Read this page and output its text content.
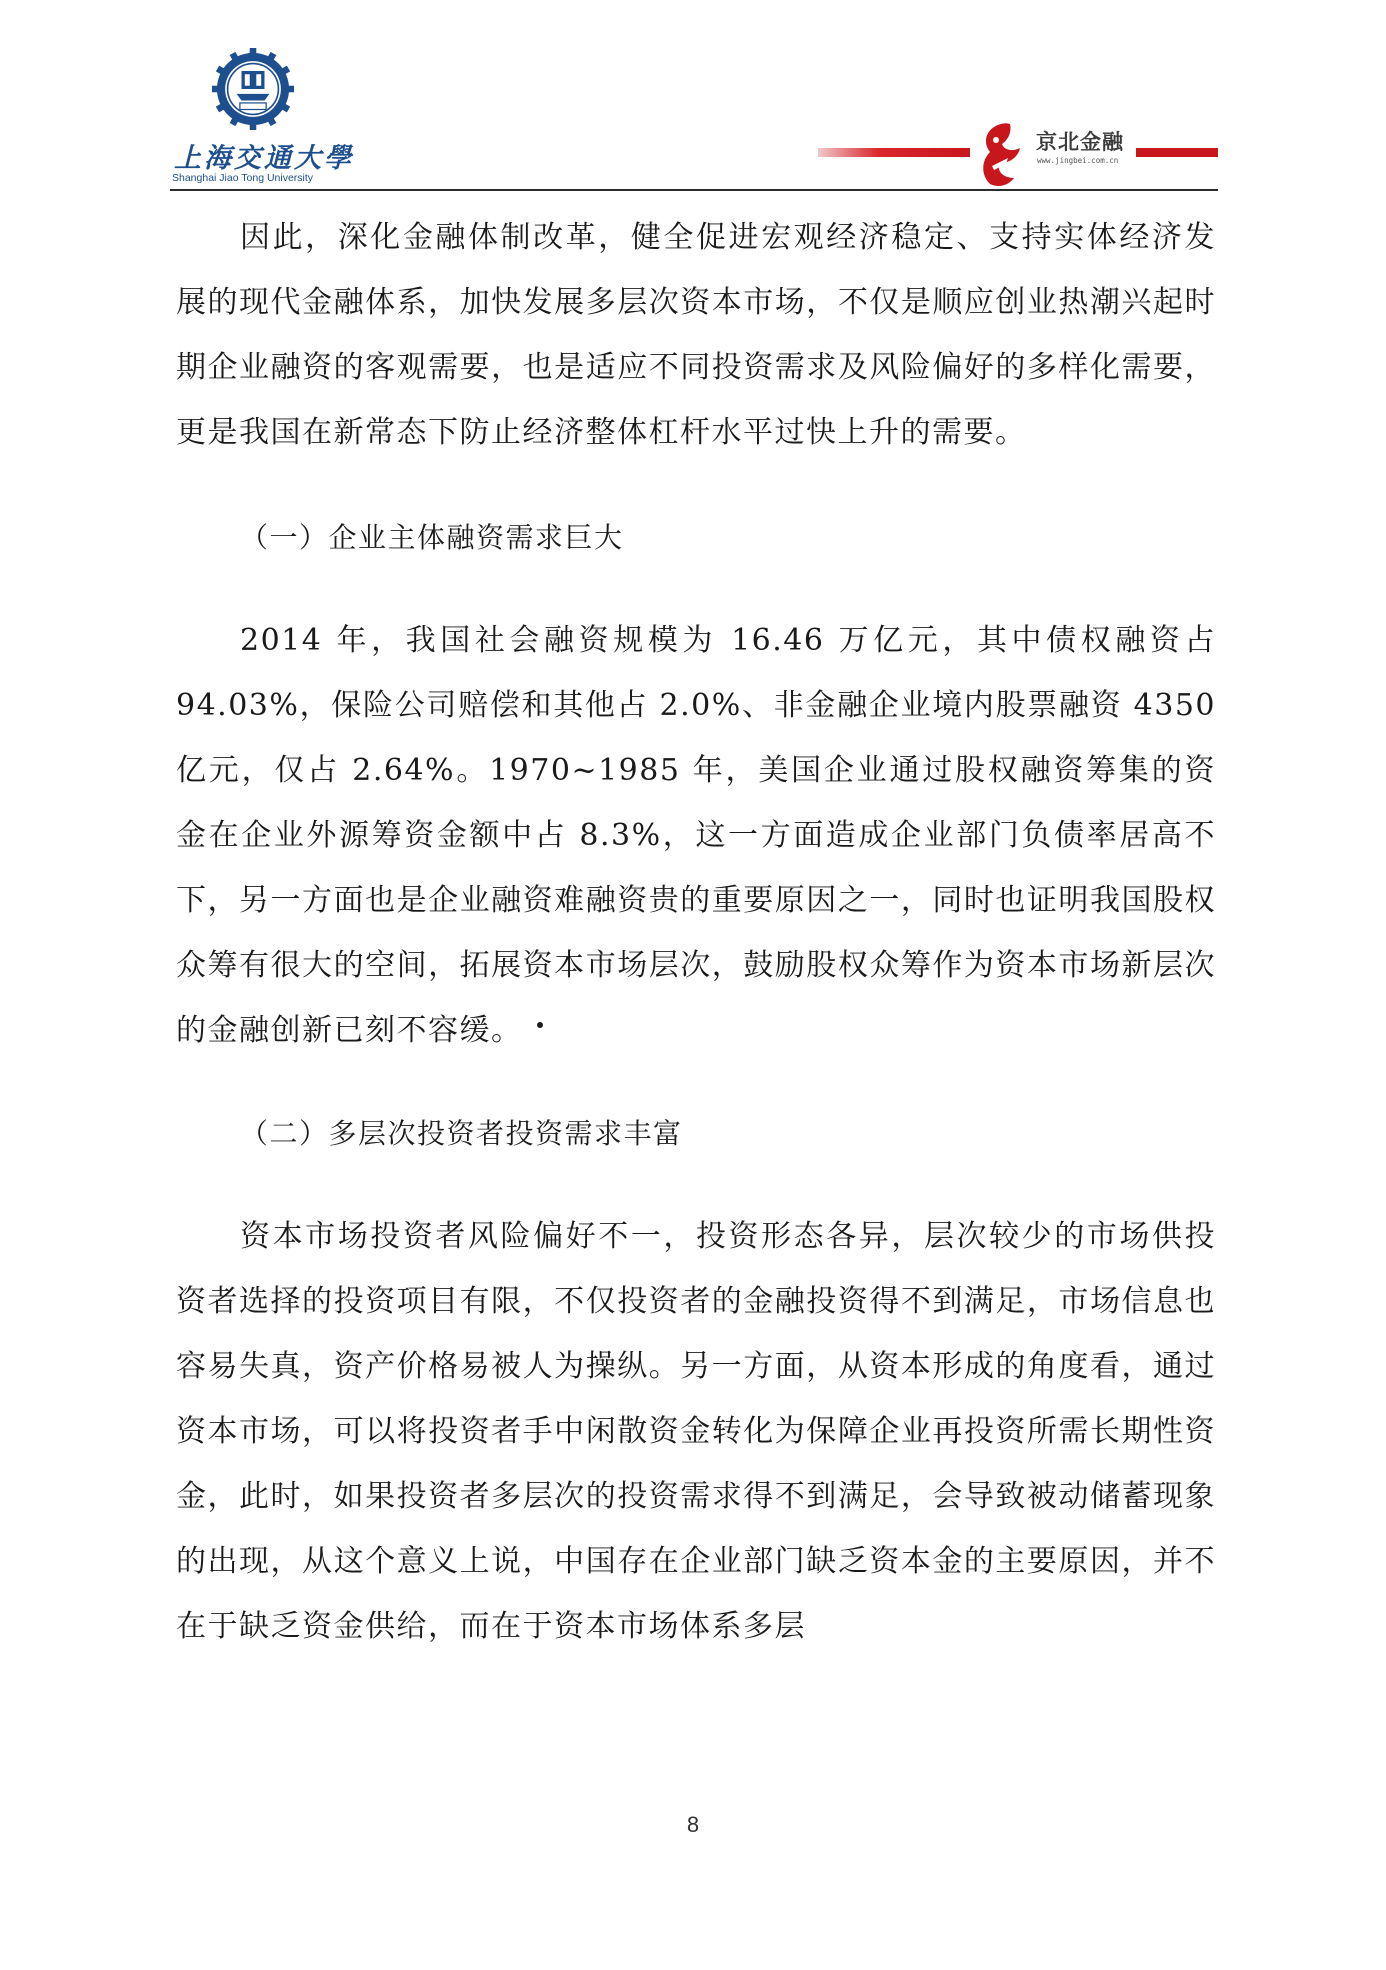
上海交通大學
Shanghai Jiao Tong University
京北金融
www.jingbei.com.cn

因此，深化金融体制改革，健全促进宏观经济稳定、支持实体经济发展的现代金融体系，加快发展多层次资本市场，不仅是顺应创业热潮兴起时期企业融资的客观需要，也是适应不同投资需求及风险偏好的多样化需要，更是我国在新常态下防止经济整体杠杆水平过快上升的需要。

（一）企业主体融资需求巨大

2014 年，我国社会融资规模为 16.46 万亿元，其中债权融资占 94.03%，保险公司赔偿和其他占 2.0%、非金融企业境内股票融资 4350 亿元，仅占 2.64%。1970~1985 年，美国企业通过股权融资筹集的资金在企业外源筹资金额中占 8.3%，这一方面造成企业部门负债率居高不下，另一方面也是企业融资难融资贵的重要原因之一，同时也证明我国股权众筹有很大的空间，拓展资本市场层次，鼓励股权众筹作为资本市场新层次的金融创新已刻不容缓。

（二）多层次投资者投资需求丰富

资本市场投资者风险偏好不一，投资形态各异，层次较少的市场供投资者选择的投资项目有限，不仅投资者的金融投资得不到满足，市场信息也容易失真，资产价格易被人为操纵。另一方面，从资本形成的角度看，通过资本市场，可以将投资者手中闲散资金转化为保障企业再投资所需长期性资金，此时，如果投资者多层次的投资需求得不到满足，会导致被动储蓄现象的出现，从这个意义上说，中国存在企业部门缺乏资本金的主要原因，并不在于缺乏资金供给，而在于资本市场体系多层

8
